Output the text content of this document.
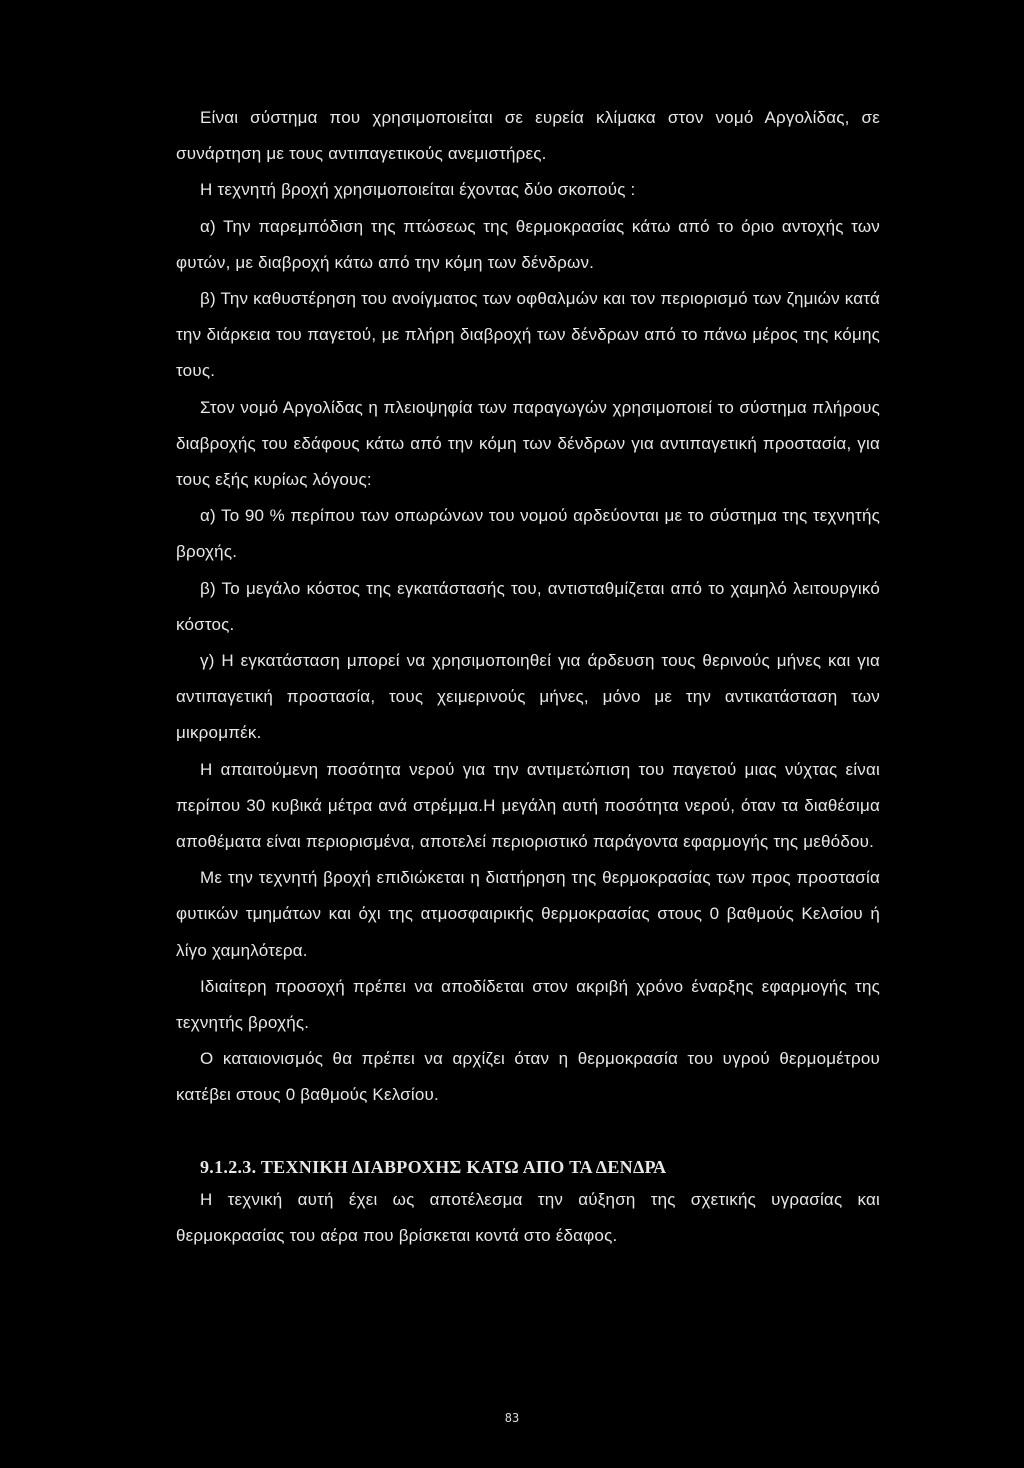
Είναι σύστημα που χρησιμοποιείται σε ευρεία κλίμακα στον νομό Αργολίδας, σε συνάρτηση με τους αντιπαγετικούς ανεμιστήρες.

Η τεχνητή βροχή χρησιμοποιείται έχοντας δύο σκοπούς :

α) Την παρεμπόδιση της πτώσεως της θερμοκρασίας κάτω από το όριο αντοχής των φυτών, με διαβροχή κάτω από την κόμη των δένδρων.

β) Την καθυστέρηση του ανοίγματος των οφθαλμών και τον περιορισμό των ζημιών κατά την διάρκεια του παγετού, με πλήρη διαβροχή των δένδρων από το πάνω μέρος της κόμης τους.

Στον νομό Αργολίδας η πλειοψηφία των παραγωγών χρησιμοποιεί το σύστημα πλήρους διαβροχής του εδάφους κάτω από την κόμη των δένδρων για αντιπαγετική προστασία, για τους εξής κυρίως λόγους:

α) Το 90 % περίπου των οπωρώνων του νομού αρδεύονται με το σύστημα της τεχνητής βροχής.

β) Το μεγάλο κόστος της εγκατάστασής του, αντισταθμίζεται από το χαμηλό λειτουργικό κόστος.

γ) Η εγκατάσταση μπορεί να χρησιμοποιηθεί για άρδευση τους θερινούς μήνες και για αντιπαγετική προστασία, τους χειμερινούς μήνες, μόνο με την αντικατάσταση των μικρομπέκ.

Η απαιτούμενη ποσότητα νερού για την αντιμετώπιση του παγετού μιας νύχτας είναι περίπου 30 κυβικά μέτρα ανά στρέμμα.Η μεγάλη αυτή ποσότητα νερού, όταν τα διαθέσιμα αποθέματα είναι περιορισμένα, αποτελεί περιοριστικό παράγοντα εφαρμογής της μεθόδου.

Με την τεχνητή βροχή επιδιώκεται η διατήρηση της θερμοκρασίας των προς προστασία φυτικών τμημάτων και όχι της ατμοσφαιρικής θερμοκρασίας στους 0 βαθμούς Κελσίου ή λίγο χαμηλότερα.

Ιδιαίτερη προσοχή πρέπει να αποδίδεται στον ακριβή χρόνο έναρξης εφαρμογής της τεχνητής βροχής.

Ο καταιονισμός θα πρέπει να αρχίζει όταν η θερμοκρασία του υγρού θερμομέτρου κατέβει στους 0 βαθμούς Κελσίου.

9.1.2.3. ΤΕΧΝΙΚΗ ΔΙΑΒΡΟΧΗΣ ΚΑΤΩ ΑΠΟ ΤΑ ΔΕΝΔΡΑ

Η τεχνική αυτή έχει ως αποτέλεσμα την αύξηση της σχετικής υγρασίας και θερμοκρασίας του αέρα που βρίσκεται κοντά στο έδαφος.

83
